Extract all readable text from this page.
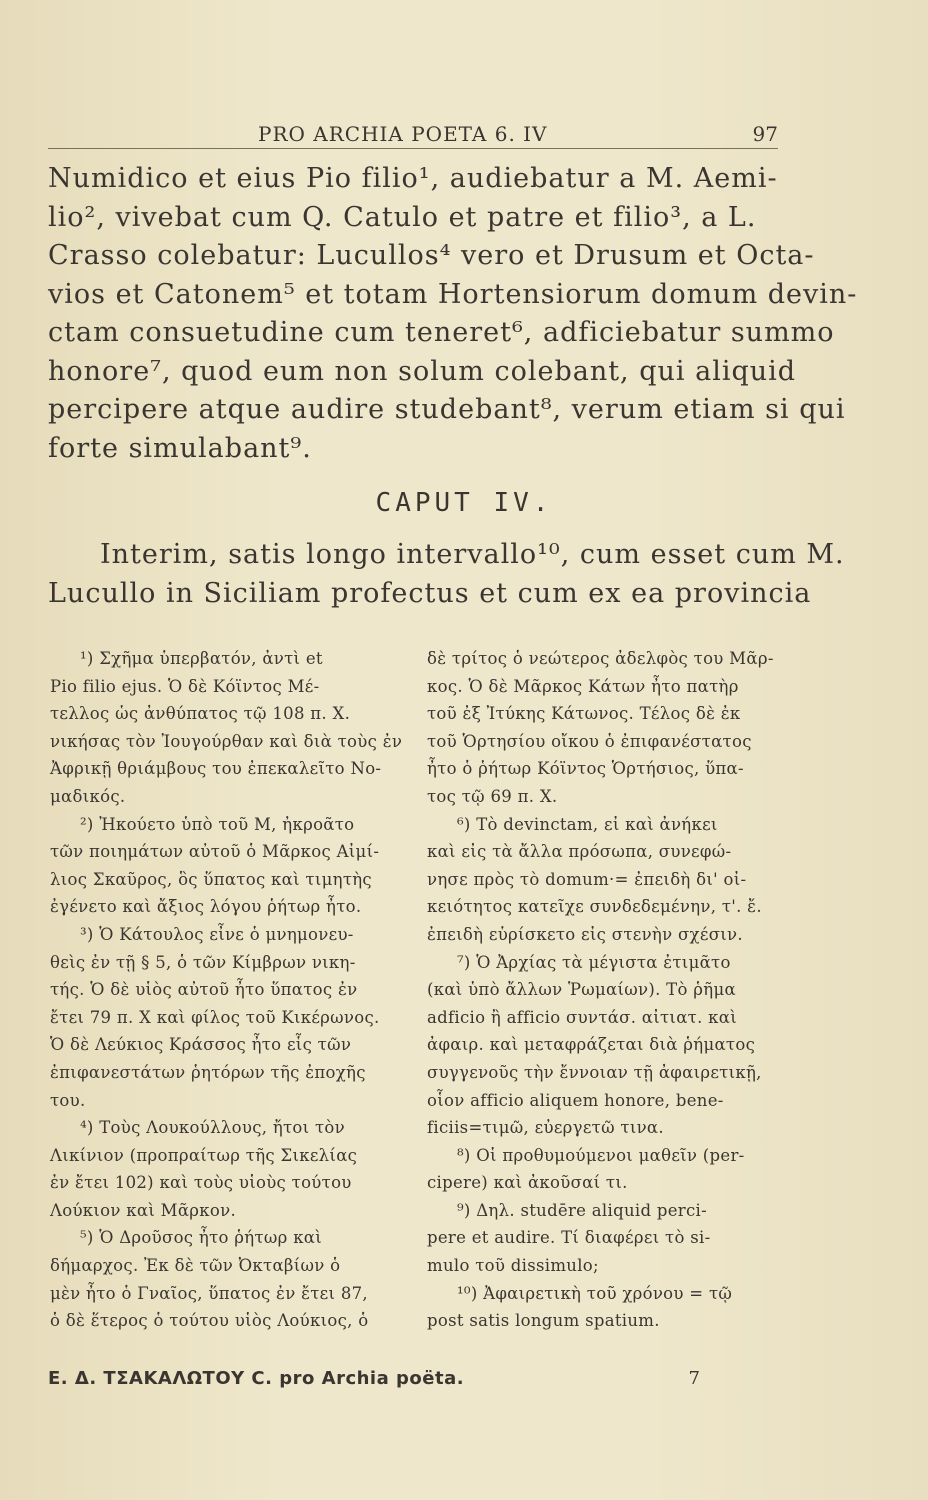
PRO ARCHIA POETA 6. IV	97
Numidico et eius Pio filio¹, audiebatur a M. Aemi-
lio², vivebat cum Q. Catulo et patre et filio³, a L.
Crasso colebatur: Lucullos⁴ vero et Drusum et Octa-
vios et Catonem⁵ et totam Hortensiorum domum devin-
ctam consuetudine cum teneret⁶, adficiebatur summo
honore⁷, quod eum non solum colebant, qui aliquid
percipere atque audire studebant⁸, verum etiam si qui
forte simulabant⁹.
CAPUT IV.
Interim, satis longo intervallo¹⁰, cum esset cum M.
Lucullo in Siciliam profectus et cum ex ea provincia
¹) Σχῆμα ὑπερβατόν, ἀντὶ et
Pio filio ejus. Ὁ δὲ Κόϊντος Μέ-
τελλος ὡς ἀνθύπατος τῷ 108 π. Χ.
νικήσας τὸν Ἰουγούρθαν καὶ διὰ τοὺς ἐν
Ἀφρικῇ θριάμβους του ἐπεκαλεῖτο Νο-
μαδικός.
²) Ἠκούετο ὑπὸ τοῦ Μ, ἠκροᾶτο
τῶν ποιημάτων αὐτοῦ ὁ Μᾶρκος Αἰμί-
λιος Σκαῦρος, ὃς ὕπατος καὶ τιμητὴς
ἐγένετο καὶ ἄξιος λόγου ῥήτωρ ἦτο.
³) Ὁ Κάτουλος εἶνε ὁ μνημονευ-
θεὶς ἐν τῇ § 5, ὁ τῶν Κίμβρων νικη-
τής. Ὁ δὲ υἱὸς αὐτοῦ ἦτο ὕπατος ἐν
ἔτει 79 π. Χ καὶ φίλος τοῦ Κικέρωνος.
Ὁ δὲ Λεύκιος Κράσσος ἦτο εἷς τῶν
ἐπιφανεστάτων ῥητόρων τῆς ἐποχῆς
του.
⁴) Τοὺς Λουκούλλους, ἤτοι τὸν
Λικίνιον (προπραίτωρ τῆς Σικελίας
ἐν ἔτει 102) καὶ τοὺς υἱοὺς τούτου
Λούκιον καὶ Μᾶρκον.
⁵) Ὁ Δροῦσος ἦτο ῥήτωρ καὶ
δήμαρχος. Ἐκ δὲ τῶν Ὀκταβίων ὁ
μὲν ἦτο ὁ Γναῖος, ὕπατος ἐν ἔτει 87,
ὁ δὲ ἕτερος ὁ τούτου υἱὸς Λούκιος, ὁ
δὲ τρίτος ὁ νεώτερος ἀδελφὸς του Μᾶρ-
κος. Ὁ δὲ Μᾶρκος Κάτων ἦτο πατὴρ
τοῦ ἐξ Ἰτύκης Κάτωνος. Τέλος δὲ ἐκ
τοῦ Ὁρτησίου οἴκου ὁ ἐπιφανέστατος
ἦτο ὁ ῥήτωρ Κόϊντος Ὁρτήσιος, ὕπα-
τος τῷ 69 π. Χ.
⁶) Τὸ devinctam, εἰ καὶ ἀνήκει
καὶ εἰς τὰ ἄλλα πρόσωπα, συνεφώ-
νησε πρὸς τὸ domum·= ἐπειδὴ δι' οἰ-
κειότητος κατεῖχε συνδεδεμένην, τ'. ἔ.
ἐπειδὴ εὑρίσκετο εἰς στενὴν σχέσιν.
⁷) Ὁ Ἀρχίας τὰ μέγιστα ἐτιμᾶτο
(καὶ ὑπὸ ἄλλων Ῥωμαίων). Τὸ ῥῆμα
adficio ἢ afficio συντάσ. αἰτιατ. καὶ
ἀφαιρ. καὶ μεταφράζεται διὰ ῥήματος
συγγενοῦς τὴν ἔννοιαν τῇ ἀφαιρετικῇ,
οἷον afficio aliquem honore, bene-
ficiis=τιμῶ, εὐεργετῶ τινα.
⁸) Οἱ προθυμούμενοι μαθεῖν (per-
cipere) καὶ ἀκοῦσαί τι.
⁹) Δηλ. studēre aliquid perci-
pere et audire. Τί διαφέρει τὸ si-
mulo τοῦ dissimulo;
¹⁰) Ἀφαιρετικὴ τοῦ χρόνου = τῷ
post satis longum spatium.
Ε. Δ. ΤΣΑΚΑΛΩΤΟΥ C. pro Archia poëta.	7
